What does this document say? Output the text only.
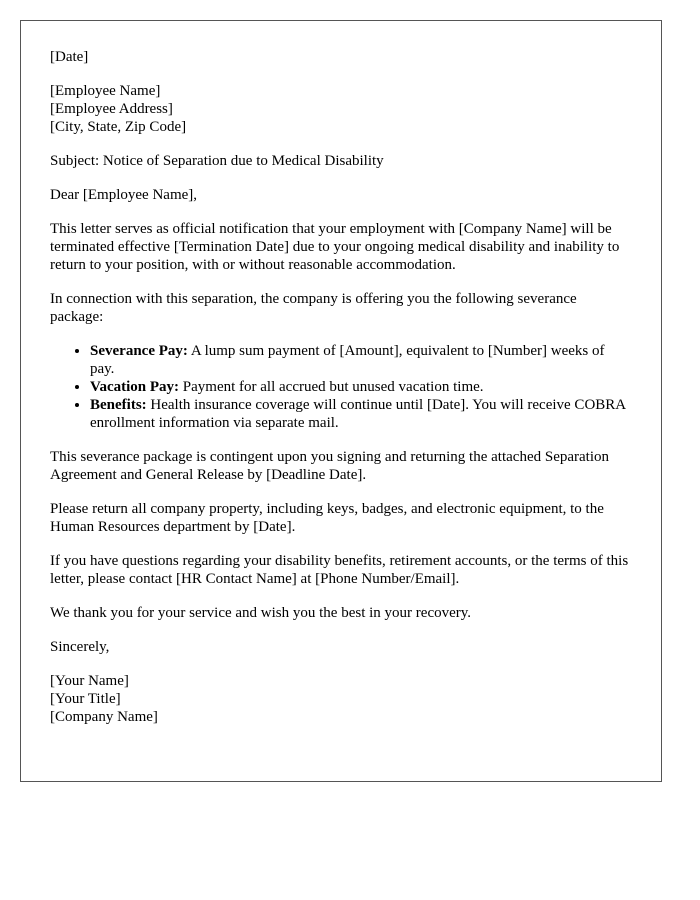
[Date]

[Employee Name]
[Employee Address]
[City, State, Zip Code]

Subject: Notice of Separation due to Medical Disability

Dear [Employee Name],

This letter serves as official notification that your employment with [Company Name] will be terminated effective [Termination Date] due to your ongoing medical disability and inability to return to your position, with or without reasonable accommodation.

In connection with this separation, the company is offering you the following severance package:

• Severance Pay: A lump sum payment of [Amount], equivalent to [Number] weeks of pay.
• Vacation Pay: Payment for all accrued but unused vacation time.
• Benefits: Health insurance coverage will continue until [Date]. You will receive COBRA enrollment information via separate mail.

This severance package is contingent upon you signing and returning the attached Separation Agreement and General Release by [Deadline Date].

Please return all company property, including keys, badges, and electronic equipment, to the Human Resources department by [Date].

If you have questions regarding your disability benefits, retirement accounts, or the terms of this letter, please contact [HR Contact Name] at [Phone Number/Email].

We thank you for your service and wish you the best in your recovery.

Sincerely,

[Your Name]
[Your Title]
[Company Name]
